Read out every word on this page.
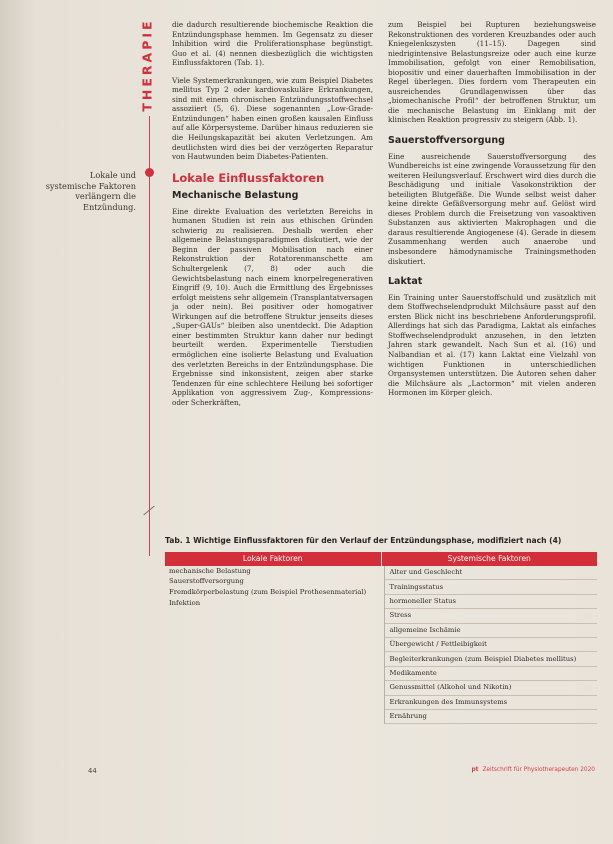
THERAPIE
Lokale und systemische Faktoren verlängern die Entzündung.

die dadurch resultierende biochemische Reaktion die Entzündungsphase hemmen. Im Gegensatz zu dieser Inhibition wird die Proliferationsphase begünstigt. Guo et al. (4) nennen diesbezüglich die wichtigsten Einflussfaktoren (Tab. 1).

Viele Systemerkrankungen, wie zum Beispiel Diabetes mellitus Typ 2 oder kardiovaskuläre Erkrankungen, sind mit einem chronischen Entzündungsstoffwechsel assoziiert (5, 6). Diese sogenannten „Low-Grade-Entzündungen“ haben einen großen kausalen Einfluss auf alle Körpersysteme. Darüber hinaus reduzieren sie die Heilungskapazität bei akuten Verletzungen. Am deutlichsten wird dies bei der verzögerten Reparatur von Hautwunden beim Diabetes-Patienten.

Lokale Einflussfaktoren
Mechanische Belastung

Eine direkte Evaluation des verletzten Bereichs in humanen Studien ist rein aus ethischen Gründen schwierig zu realisieren. Deshalb werden eher allgemeine Belastungsparadigmen diskutiert, wie der Beginn der passiven Mobilisation nach einer Rekonstruktion der Rotatorenmanschette am Schultergelenk (7, 8) oder auch die Gewichtsbelastung nach einem knorpelregenerativen Eingriff (9, 10). Auch die Ermittlung des Ergebnisses erfolgt meistens sehr allgemein (Transplantatversagen ja oder nein). Bei positiver oder homogativer Wirkungen auf die betroffene Struktur jenseits dieses „Super-GAUs“ bleiben also unentdeckt. Die Adaption einer bestimmten Struktur kann daher nur bedingt beurteilt werden. Experimentelle Tierstudien ermöglichen eine isolierte Belastung und Evaluation des verletzten Bereichs in der Entzündungsphase. Die Ergebnisse sind inkonsistent, zeigen aber starke Tendenzen für eine schlechtere Heilung bei sofortiger Applikation von aggressivem Zug-, Kompressions- oder Scherkräften,

zum Beispiel bei Rupturen beziehungsweise Rekonstruktionen des vorderen Kreuzbandes oder auch Kniegelenkszysten (11–15). Dagegen sind niedrigintensive Belastungsreize oder auch eine kurze Immobilisation, gefolgt von einer Remobilisation, biopositiv und einer dauerhaften Immobilisation in der Regel überlegen. Dies fordern vom Therapeuten ein ausreichendes Grundlagenwissen über das „biomechanische Profil“ der betroffenen Struktur, um die mechanische Belastung im Einklang mit der klinischen Reaktion progressiv zu steigern (Abb. 1).

Sauerstoffversorgung

Eine ausreichende Sauerstoffversorgung des Wundbereichs ist eine zwingende Voraussetzung für den weiteren Heilungsverlauf. Erschwert wird dies durch die Beschädigung und initiale Vasokonstriktion der beteiligten Blutgefäße. Die Wunde selbst weist daher keine direkte Gefäßversorgung mehr auf. Gelöst wird dieses Problem durch die Freisetzung von vasoaktiven Substanzen aus aktivierten Makrophagen und die daraus resultierende Angiogenese (4). Gerade in diesem Zusammenhang werden auch anaerobe und insbesondere hämodynamische Trainingsmethoden diskutiert.

Laktat

Ein Training unter Sauerstoffschuld und zusätzlich mit dem Stoffwechselendprodukt Milchsäure passt auf den ersten Blick nicht ins beschriebene Anforderungsprofil. Allerdings hat sich das Paradigma, Laktat als einfaches Stoffwechselendprodukt anzusehen, in den letzten Jahren stark gewandelt. Nach Sun et al. (16) und Nalbandian et al. (17) kann Laktat eine Vielzahl von wichtigen Funktionen in unterschiedlichen Organsystemen unterstützen. Die Autoren sehen daher die Milchsäure als „Lactormon“ mit vielen anderen Hormonen im Körper gleich.

Tab. 1 Wichtige Einflussfaktoren für den Verlauf der Entzündungsphase, modifiziert nach (4)
Lokale Faktoren	Systemische Faktoren
mechanische Belastung
Sauerstoffversorgung
Fremdkörperbelastung (zum Beispiel Prothesenmaterial)
Infektion
Alter und Geschlecht
Trainingsstatus
hormoneller Status
Stress
allgemeine Ischämie
Übergewicht / Fettleibigkeit
Begleiterkrankungen (zum Beispiel Diabetes mellitus)
Medikamente
Genussmittel (Alkohol und Nikotin)
Erkrankungen des Immunsystems
Ernährung
44	pt Zeitschrift für Physiotherapeuten 2020
